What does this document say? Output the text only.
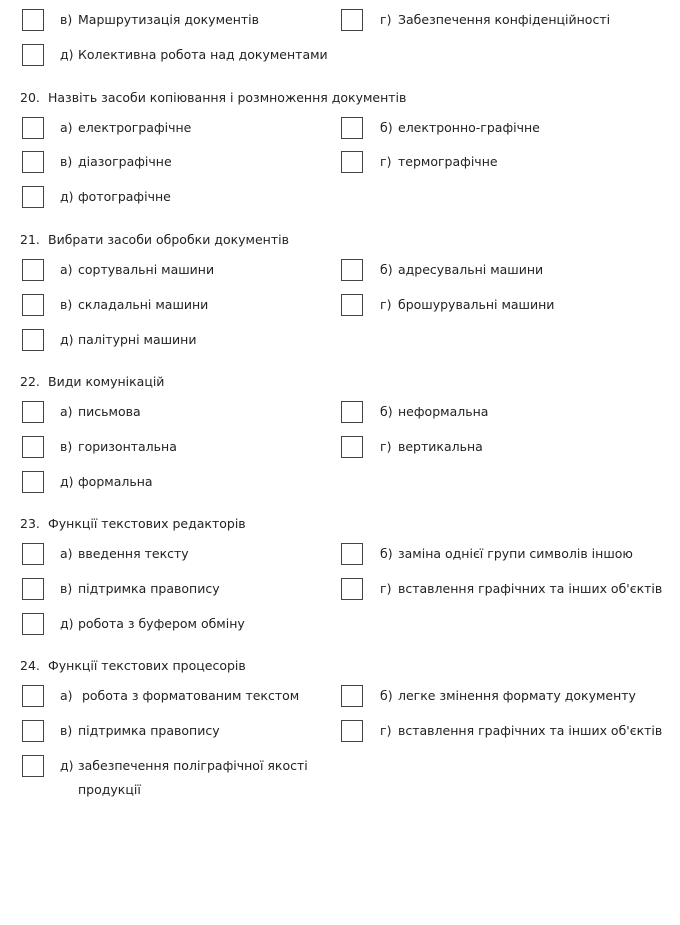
в) Маршрутизація документів	г) Забезпечення конфіденційності
д) Колективна робота над документами
20. Назвіть засоби копіювання і розмноження документів
а) електрографічне	б) електронно-графічне
в) діазографічне	г) термографічне
д) фотографічне
21. Вибрати засоби обробки документів
а) сортувальні машини	б) адресувальні машини
в) складальні машини	г) брошурувальні машини
д) палітурні машини
22. Види комунікацій
а) письмова	б) неформальна
в) горизонтальна	г) вертикальна
д) формальна
23. Функції текстових редакторів
а) введення тексту	б) заміна однієї групи символів іншою
в) підтримка правопису	г) вставлення графічних та інших об'єктів
д) робота з буфером обміну
24. Функції текстових процесорів
а) робота з форматованим текстом	б) легке змінення формату документу
в) підтримка правопису	г) вставлення графічних та інших об'єктів
д) забезпечення поліграфічної якості продукції
